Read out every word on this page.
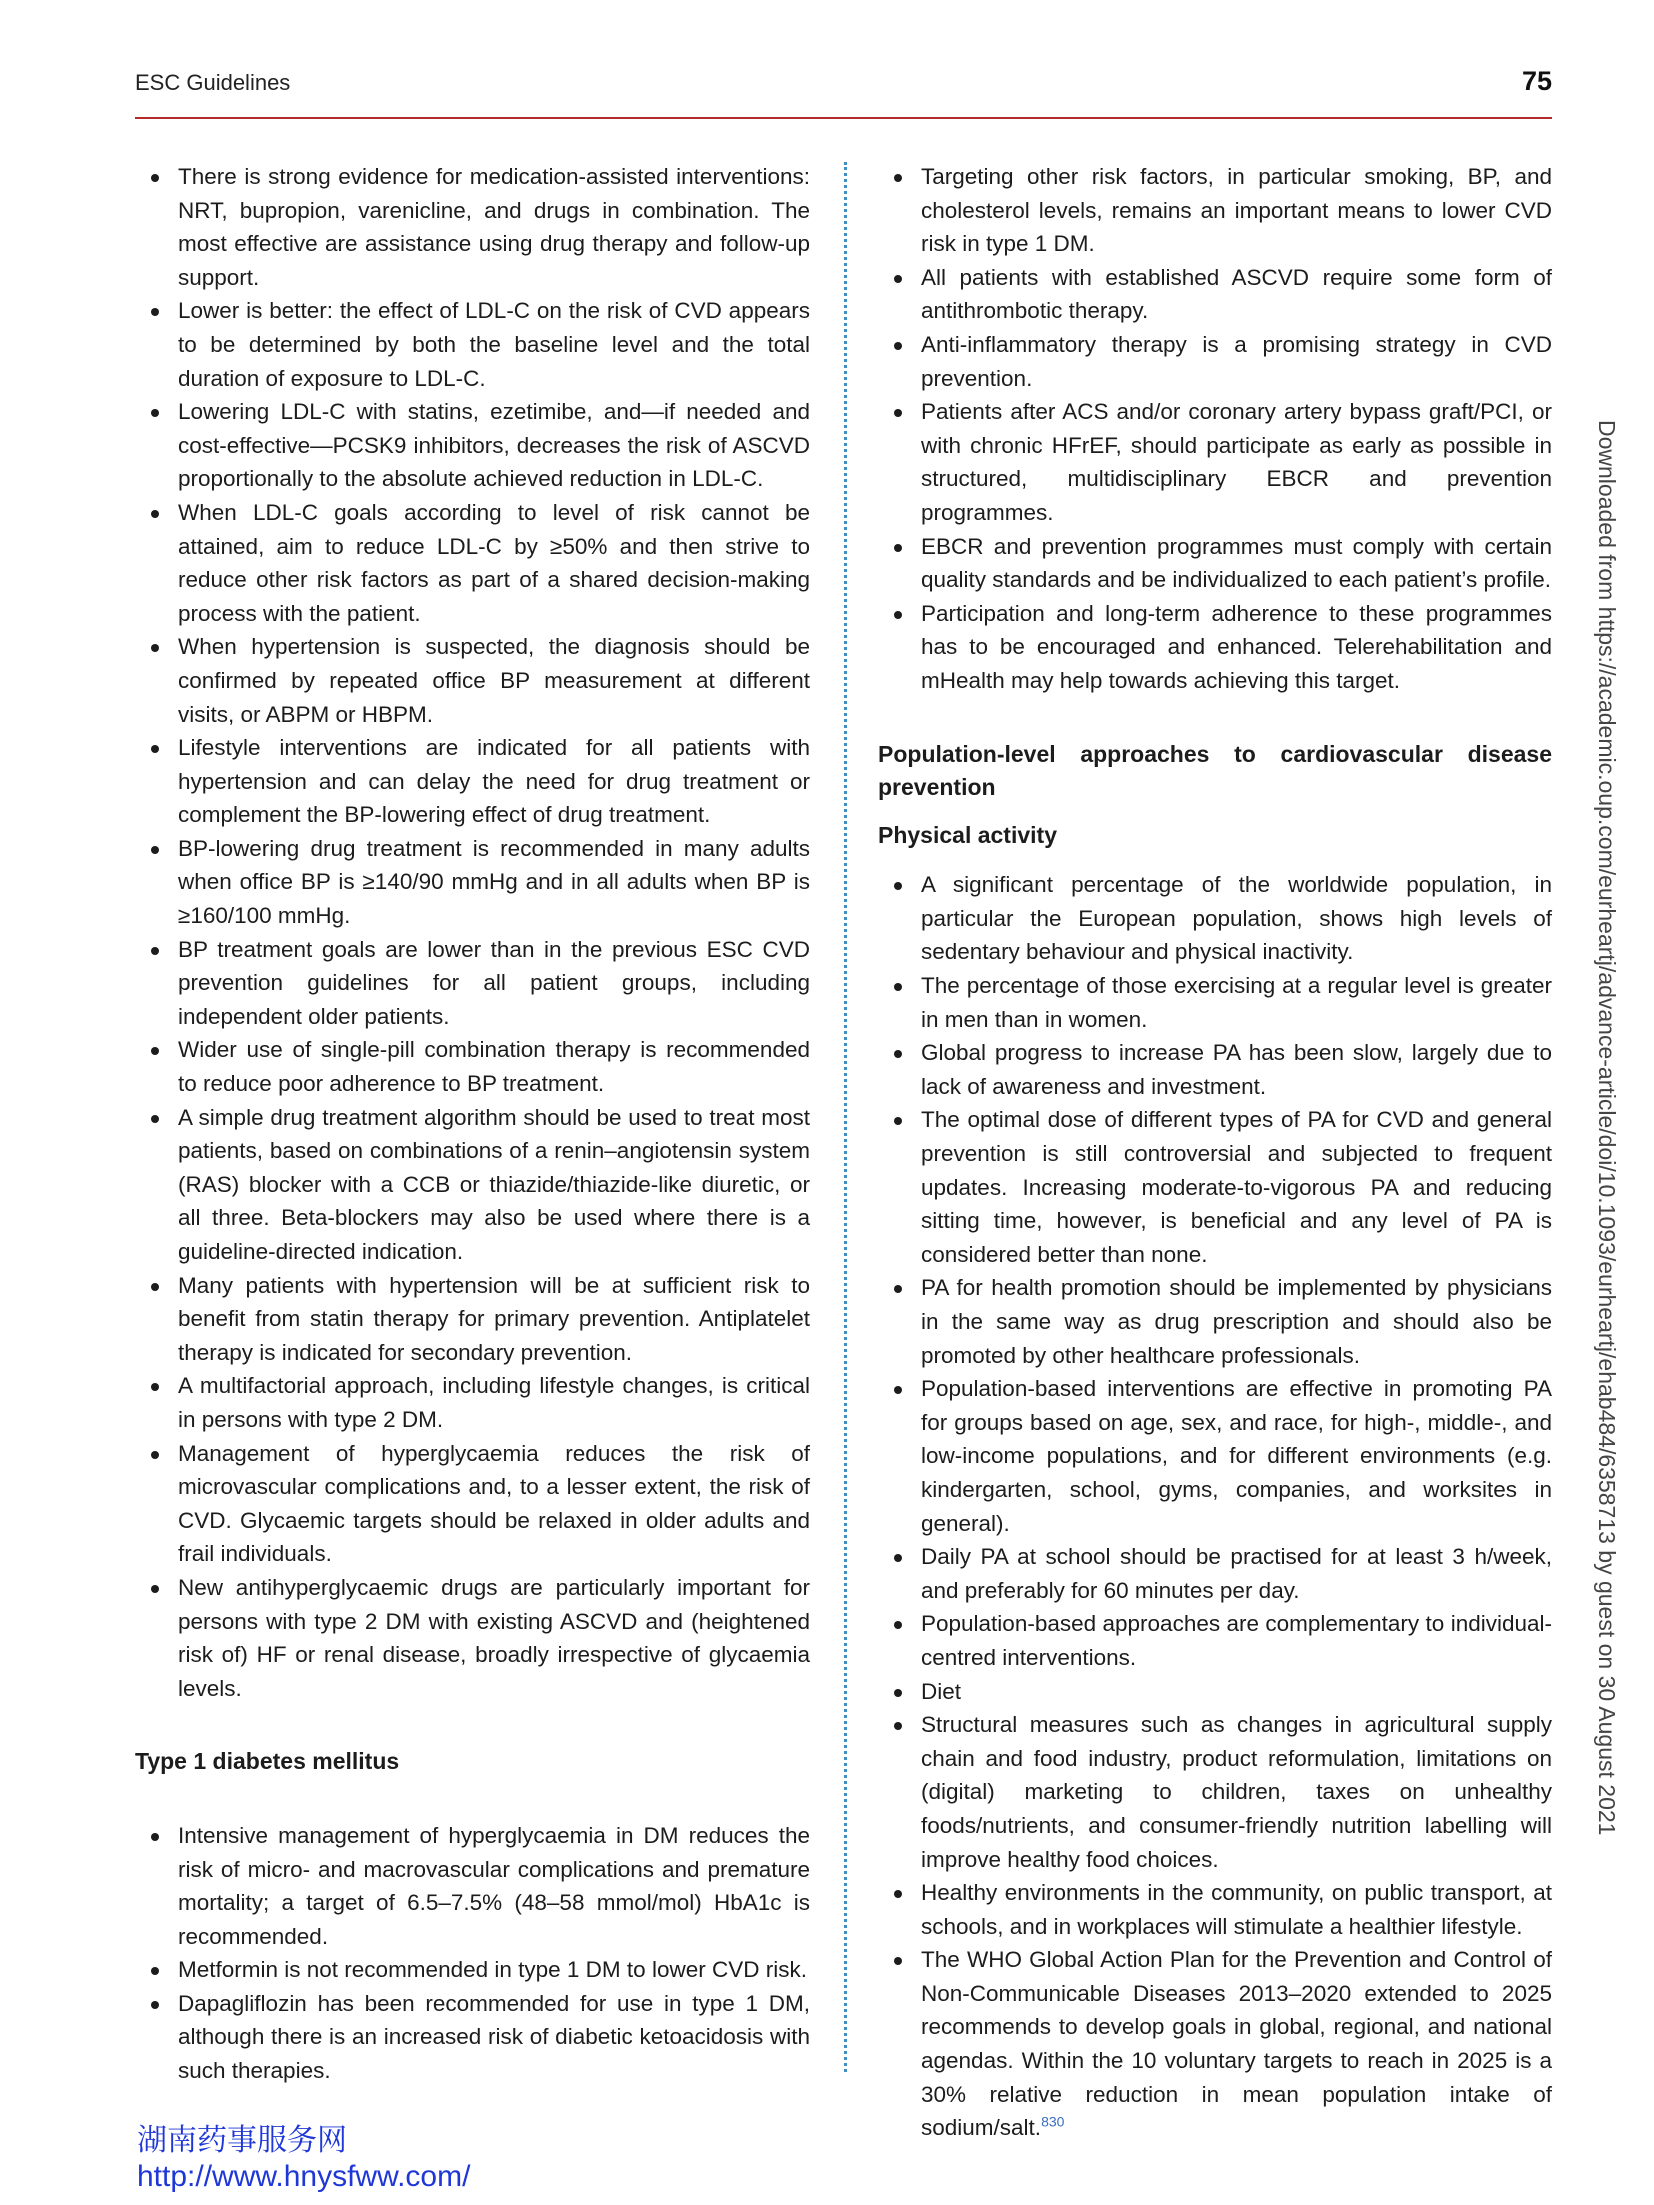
ESC Guidelines	75
There is strong evidence for medication-assisted interventions: NRT, bupropion, varenicline, and drugs in combination. The most effective are assistance using drug therapy and follow-up support.
Lower is better: the effect of LDL-C on the risk of CVD appears to be determined by both the baseline level and the total duration of exposure to LDL-C.
Lowering LDL-C with statins, ezetimibe, and—if needed and cost-effective—PCSK9 inhibitors, decreases the risk of ASCVD proportionally to the absolute achieved reduction in LDL-C.
When LDL-C goals according to level of risk cannot be attained, aim to reduce LDL-C by ≥50% and then strive to reduce other risk factors as part of a shared decision-making process with the patient.
When hypertension is suspected, the diagnosis should be confirmed by repeated office BP measurement at different visits, or ABPM or HBPM.
Lifestyle interventions are indicated for all patients with hypertension and can delay the need for drug treatment or complement the BP-lowering effect of drug treatment.
BP-lowering drug treatment is recommended in many adults when office BP is ≥140/90 mmHg and in all adults when BP is ≥160/100 mmHg.
BP treatment goals are lower than in the previous ESC CVD prevention guidelines for all patient groups, including independent older patients.
Wider use of single-pill combination therapy is recommended to reduce poor adherence to BP treatment.
A simple drug treatment algorithm should be used to treat most patients, based on combinations of a renin–angiotensin system (RAS) blocker with a CCB or thiazide/thiazide-like diuretic, or all three. Beta-blockers may also be used where there is a guideline-directed indication.
Many patients with hypertension will be at sufficient risk to benefit from statin therapy for primary prevention. Antiplatelet therapy is indicated for secondary prevention.
A multifactorial approach, including lifestyle changes, is critical in persons with type 2 DM.
Management of hyperglycaemia reduces the risk of microvascular complications and, to a lesser extent, the risk of CVD. Glycaemic targets should be relaxed in older adults and frail individuals.
New antihyperglycaemic drugs are particularly important for persons with type 2 DM with existing ASCVD and (heightened risk of) HF or renal disease, broadly irrespective of glycaemia levels.
Type 1 diabetes mellitus
Intensive management of hyperglycaemia in DM reduces the risk of micro- and macrovascular complications and premature mortality; a target of 6.5–7.5% (48–58 mmol/mol) HbA1c is recommended.
Metformin is not recommended in type 1 DM to lower CVD risk.
Dapagliflozin has been recommended for use in type 1 DM, although there is an increased risk of diabetic ketoacidosis with such therapies.
Targeting other risk factors, in particular smoking, BP, and cholesterol levels, remains an important means to lower CVD risk in type 1 DM.
All patients with established ASCVD require some form of antithrombotic therapy.
Anti-inflammatory therapy is a promising strategy in CVD prevention.
Patients after ACS and/or coronary artery bypass graft/PCI, or with chronic HFrEF, should participate as early as possible in structured, multidisciplinary EBCR and prevention programmes.
EBCR and prevention programmes must comply with certain quality standards and be individualized to each patient’s profile.
Participation and long-term adherence to these programmes has to be encouraged and enhanced. Telerehabilitation and mHealth may help towards achieving this target.
Population-level approaches to cardiovascular disease prevention
Physical activity
A significant percentage of the worldwide population, in particular the European population, shows high levels of sedentary behaviour and physical inactivity.
The percentage of those exercising at a regular level is greater in men than in women.
Global progress to increase PA has been slow, largely due to lack of awareness and investment.
The optimal dose of different types of PA for CVD and general prevention is still controversial and subjected to frequent updates. Increasing moderate-to-vigorous PA and reducing sitting time, however, is beneficial and any level of PA is considered better than none.
PA for health promotion should be implemented by physicians in the same way as drug prescription and should also be promoted by other healthcare professionals.
Population-based interventions are effective in promoting PA for groups based on age, sex, and race, for high-, middle-, and low-income populations, and for different environments (e.g. kindergarten, school, gyms, companies, and worksites in general).
Daily PA at school should be practised for at least 3 h/week, and preferably for 60 minutes per day.
Population-based approaches are complementary to individual-centred interventions.
Diet
Structural measures such as changes in agricultural supply chain and food industry, product reformulation, limitations on (digital) marketing to children, taxes on unhealthy foods/nutrients, and consumer-friendly nutrition labelling will improve healthy food choices.
Healthy environments in the community, on public transport, at schools, and in workplaces will stimulate a healthier lifestyle.
The WHO Global Action Plan for the Prevention and Control of Non-Communicable Diseases 2013–2020 extended to 2025 recommends to develop goals in global, regional, and national agendas. Within the 10 voluntary targets to reach in 2025 is a 30% relative reduction in mean population intake of sodium/salt.$^{830}$
Downloaded from https://academic.oup.com/eurheartj/advance-article/doi/10.1093/eurheartj/ehab484/6358713 by guest on 30 August 2021
湖南药事服务网
http://www.hnysfww.com/
